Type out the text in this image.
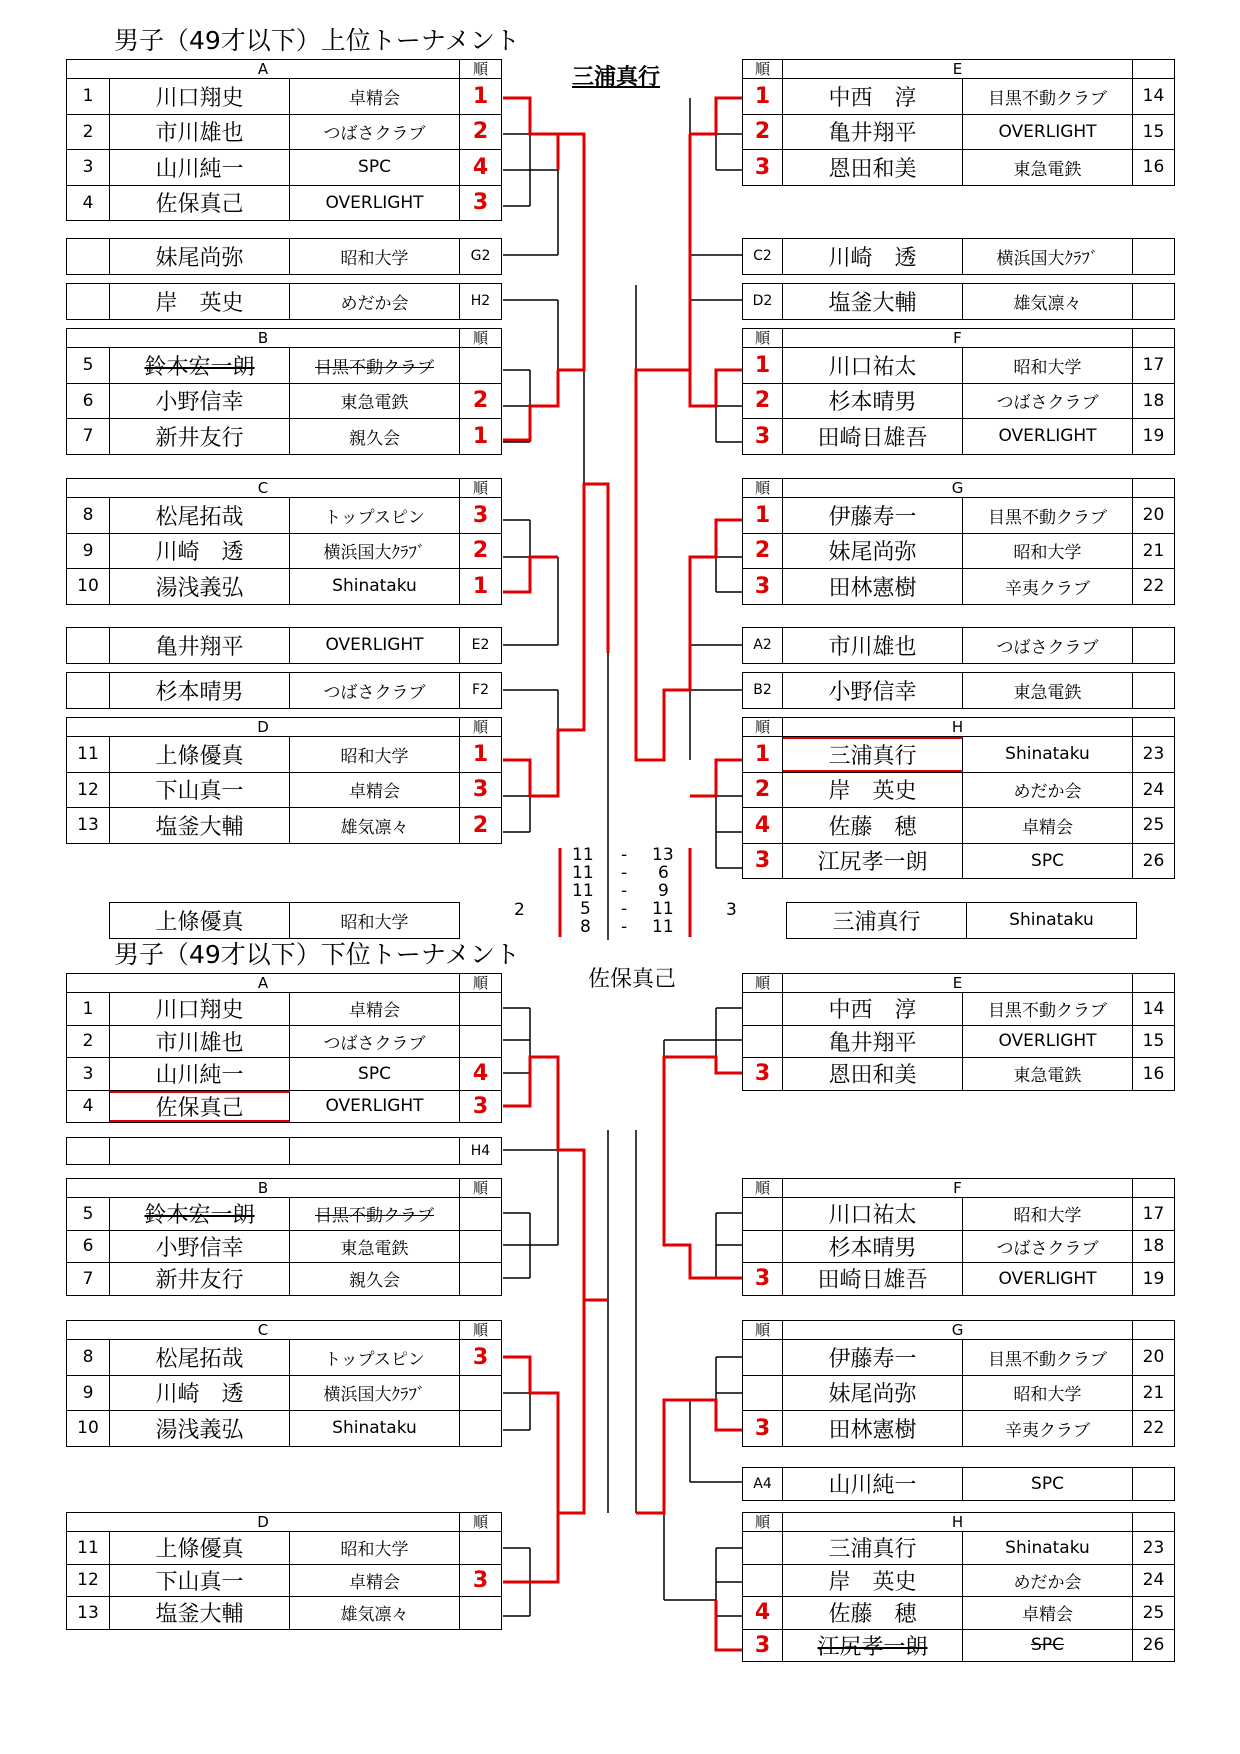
男子（49才以下）上位トーナメント
三浦真行
男子（49才以下）下位トーナメント
佐保真己
A	順
1	川口翔史	卓精会	1
2	市川雄也	つばさクラブ	2
3	山川純一	SPC	4
4	佐保真己	OVERLIGHT	3
妹尾尚弥	昭和大学	G2
岸　英史	めだか会	H2
B	順
5	鈴木宏一朗	目黒不動クラブ
6	小野信幸	東急電鉄	2
7	新井友行	親久会	1
C	順
8	松尾拓哉	トップスピン	3
9	川崎　透	横浜国大ｸﾗﾌﾞ	2
10	湯浅義弘	Shinataku	1
亀井翔平	OVERLIGHT	E2
杉本晴男	つばさクラブ	F2
D	順
11	上條優真	昭和大学	1
12	下山真一	卓精会	3
13	塩釜大輔	雄気凛々	2
順	E
1	中西　淳	目黒不動クラブ	14
2	亀井翔平	OVERLIGHT	15
3	恩田和美	東急電鉄	16
C2	川崎　透	横浜国大ｸﾗﾌﾞ
D2	塩釜大輔	雄気凛々
順	F
1	川口祐太	昭和大学	17
2	杉本晴男	つばさクラブ	18
3	田崎日雄吾	OVERLIGHT	19
順	G
1	伊藤寿一	目黒不動クラブ	20
2	妹尾尚弥	昭和大学	21
3	田林憲樹	辛夷クラブ	22
A2	市川雄也	つばさクラブ
B2	小野信幸	東急電鉄
順	H
1	三浦真行	Shinataku	23
2	岸　英史	めだか会	24
4	佐藤　穂	卓精会	25
3	江尻孝一朗	SPC	26
上條優真	昭和大学
2	3	三浦真行	Shinataku
11 - 13
11 - 6
11 - 9
5 - 11
8 - 11
A	順
1	川口翔史	卓精会
2	市川雄也	つばさクラブ
3	山川純一	SPC	4
4	佐保真己	OVERLIGHT	3
H4
B	順
5	鈴木宏一朗	目黒不動クラブ
6	小野信幸	東急電鉄
7	新井友行	親久会
C	順
8	松尾拓哉	トップスピン	3
9	川崎　透	横浜国大ｸﾗﾌﾞ
10	湯浅義弘	Shinataku
D	順
11	上條優真	昭和大学
12	下山真一	卓精会	3
13	塩釜大輔	雄気凛々
順	E
中西　淳	目黒不動クラブ	14
亀井翔平	OVERLIGHT	15
3	恩田和美	東急電鉄	16
順	F
川口祐太	昭和大学	17
杉本晴男	つばさクラブ	18
3	田崎日雄吾	OVERLIGHT	19
順	G
伊藤寿一	目黒不動クラブ	20
妹尾尚弥	昭和大学	21
3	田林憲樹	辛夷クラブ	22
A4	山川純一	SPC
順	H
三浦真行	Shinataku	23
岸　英史	めだか会	24
4	佐藤　穂	卓精会	25
3	江尻孝一朗	SPC	26
